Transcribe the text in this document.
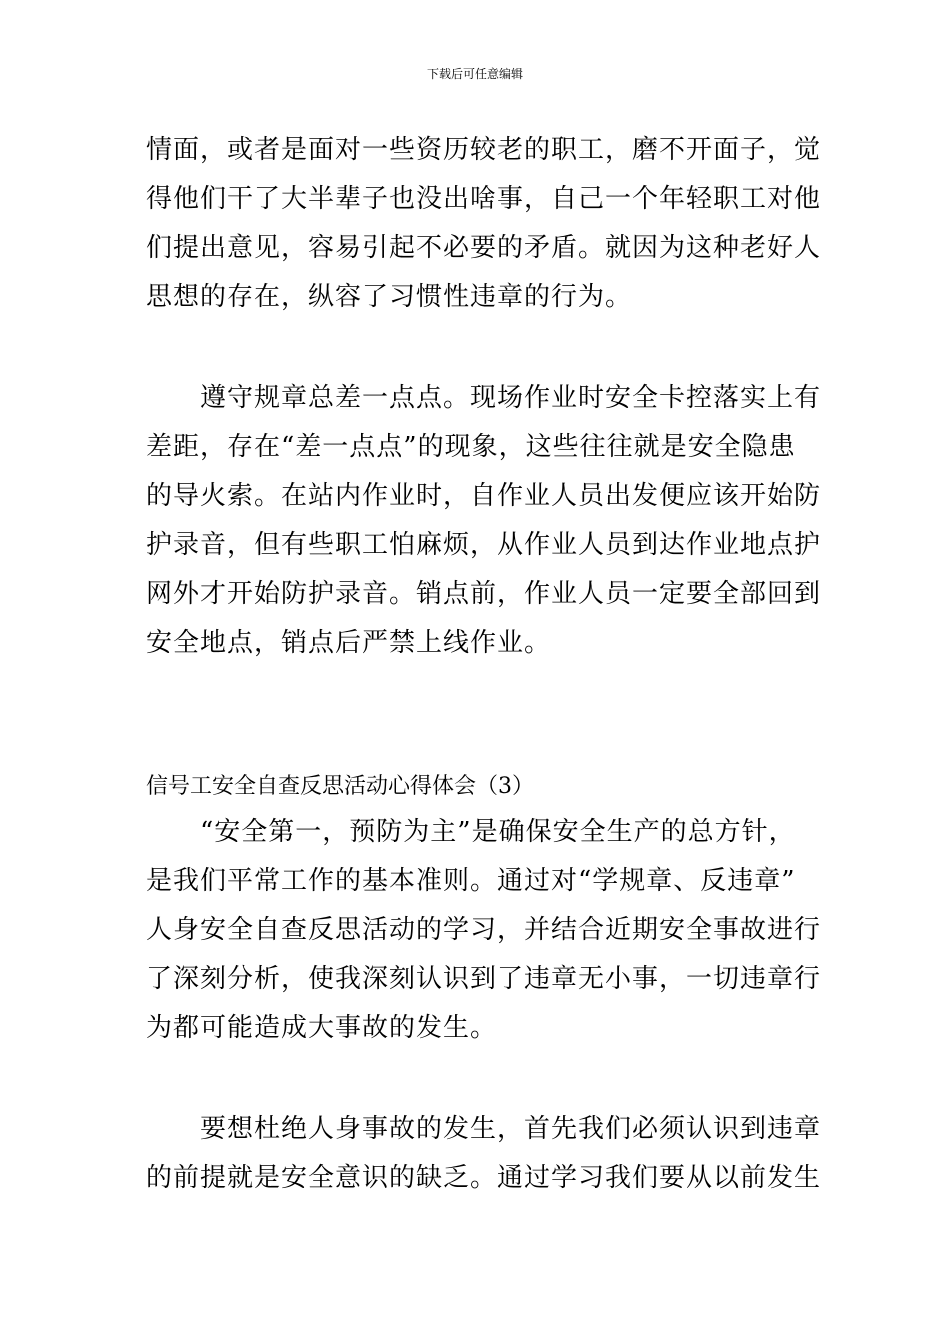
下载后可任意编辑
情面，或者是面对一些资历较老的职工，磨不开面子，觉
得他们干了大半辈子也没出啥事，自己一个年轻职工对他
们提出意见，容易引起不必要的矛盾。就因为这种老好人
思想的存在，纵容了习惯性违章的行为。
　　遵守规章总差一点点。现场作业时安全卡控落实上有
差距，存在“差一点点”的现象，这些往往就是安全隐患
的导火索。在站内作业时，自作业人员出发便应该开始防
护录音，但有些职工怕麻烦，从作业人员到达作业地点护
网外才开始防护录音。销点前，作业人员一定要全部回到
安全地点，销点后严禁上线作业。
信号工安全自查反思活动心得体会（3）
　　“安全第一，预防为主”是确保安全生产的总方针，
是我们平常工作的基本准则。通过对“学规章、反违章”
人身安全自查反思活动的学习，并结合近期安全事故进行
了深刻分析，使我深刻认识到了违章无小事，一切违章行
为都可能造成大事故的发生。
　　要想杜绝人身事故的发生，首先我们必须认识到违章
的前提就是安全意识的缺乏。通过学习我们要从以前发生
